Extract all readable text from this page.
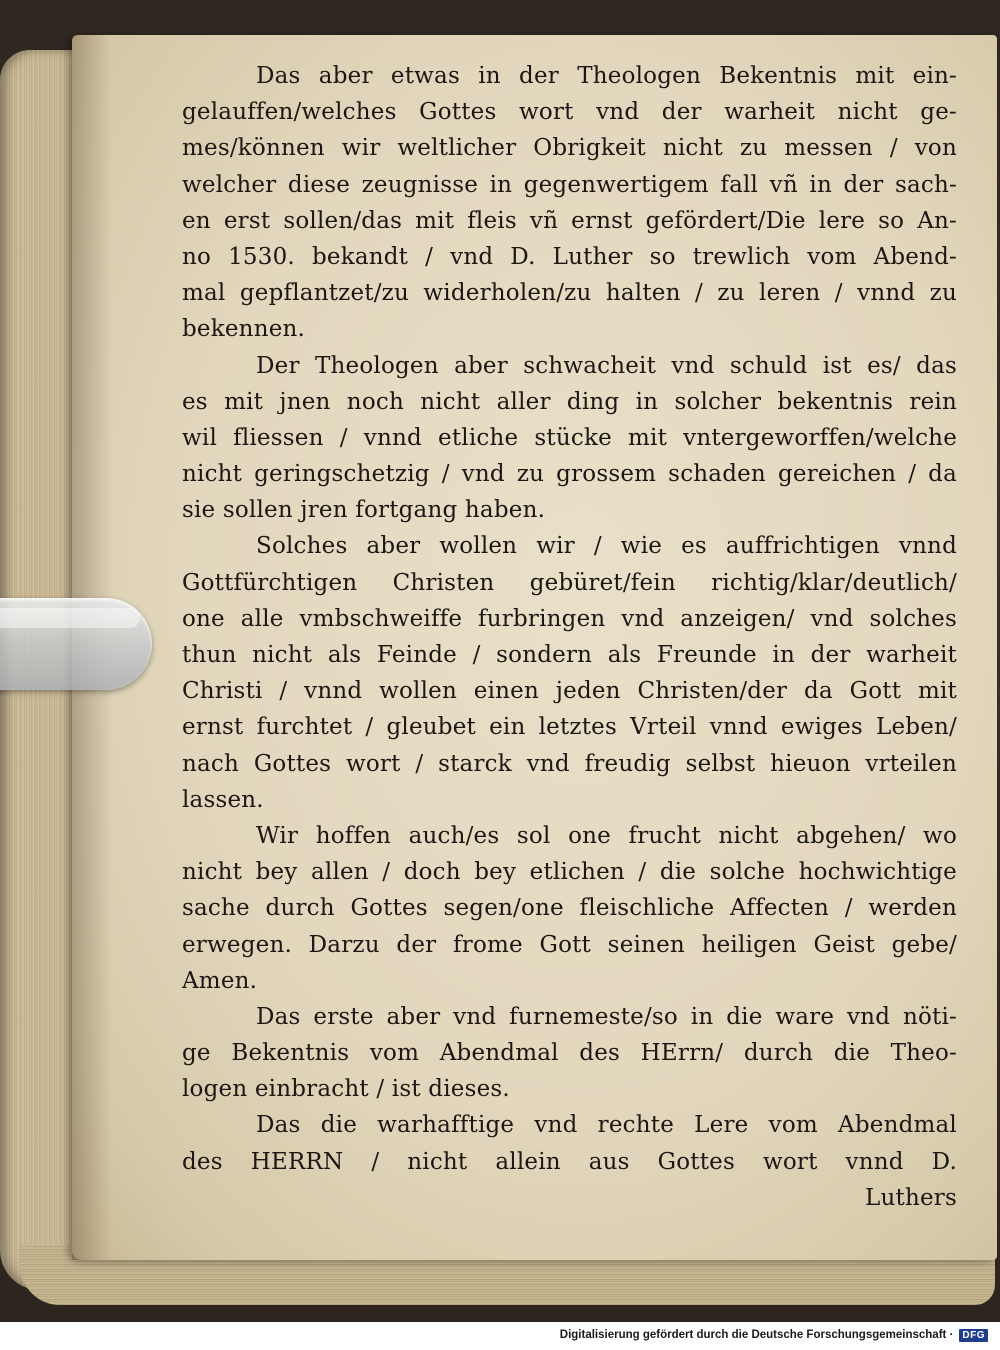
Das aber etwas in der Theologen Bekentnis mit ein-
gelauffen/welches Gottes wort vnd der warheit nicht ge-
mes/können wir weltlicher Obrigkeit nicht zu messen / von
welcher diese zeugnisse in gegenwertigem fall vñ in der sach-
en erst sollen/das mit fleis vñ ernst gefördert/Die lere so An-
no 1530. bekandt / vnd D. Luther so trewlich vom Abend-
mal gepflantzet/zu widerholen/zu halten / zu leren / vnnd zu
bekennen.
Der Theologen aber schwacheit vnd schuld ist es/ das
es mit jnen noch nicht aller ding in solcher bekentnis rein
wil fliessen / vnnd etliche stücke mit vntergeworffen/welche
nicht geringschetzig / vnd zu grossem schaden gereichen / da
sie sollen jren fortgang haben.
Solches aber wollen wir / wie es auffrichtigen vnnd
Gottfürchtigen Christen gebüret/fein richtig/klar/deutlich/
one alle vmbschweiffe furbringen vnd anzeigen/ vnd solches
thun nicht als Feinde / sondern als Freunde in der warheit
Christi / vnnd wollen einen jeden Christen/der da Gott mit
ernst furchtet / gleubet ein letztes Vrteil vnnd ewiges Leben/
nach Gottes wort / starck vnd freudig selbst hieuon vrteilen
lassen.
Wir hoffen auch/es sol one frucht nicht abgehen/ wo
nicht bey allen / doch bey etlichen / die solche hochwichtige
sache durch Gottes segen/one fleischliche Affecten / werden
erwegen. Darzu der frome Gott seinen heiligen Geist gebe/
Amen.
Das erste aber vnd furnemeste/so in die ware vnd nöti-
ge Bekentnis vom Abendmal des HErrn/ durch die Theo-
logen einbracht / ist dieses.
Das die warhafftige vnd rechte Lere vom Abendmal
des HERRN / nicht allein aus Gottes wort vnnd D.
Luthers
Digitalisierung gefördert durch die Deutsche Forschungsgemeinschaft · DFG
